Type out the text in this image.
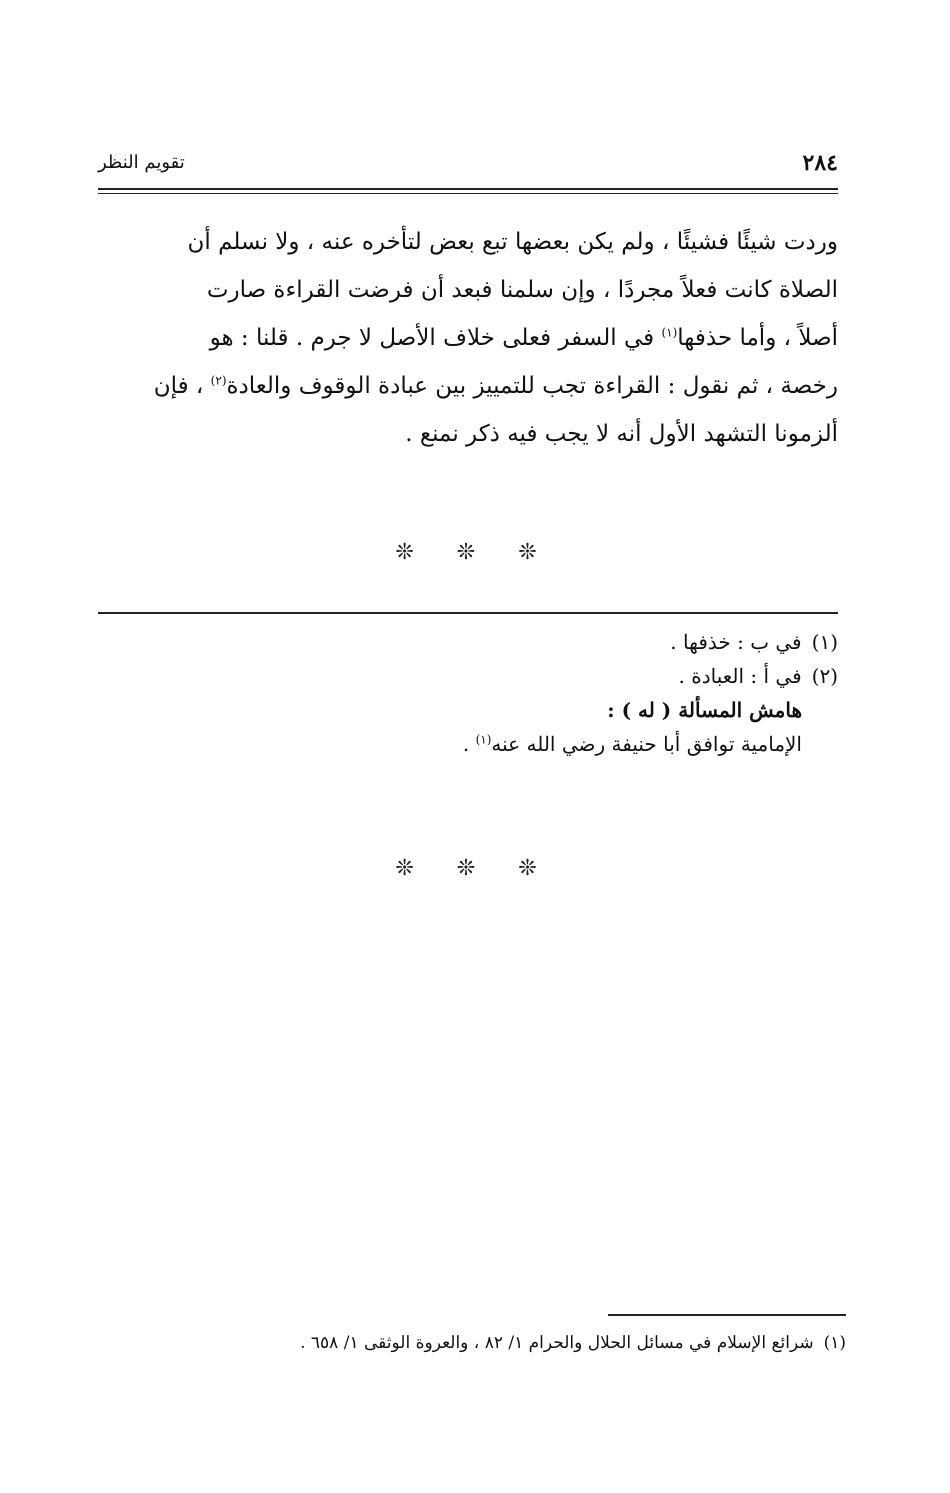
٢٨٤
تقويم النظر

وردت شيئًا فشيئًا ، ولم يكن بعضها تبع بعض لتأخره عنه ، ولا نسلم أن

الصلاة كانت فعلاً مجردًا ، وإن سلمنا فبعد أن فرضت القراءة صارت

أصلاً ، وأما حذفها$^{(١)}$ في السفر فعلى خلاف الأصل لا جرم . قلنا : هو

رخصة ، ثم نقول : القراءة تجب للتمييز بين عبادة الوقوف والعادة$^{(٢)}$ ، فإن

ألزمونا التشهد الأول أنه لا يجب فيه ذكر نمنع .

❊ ❊ ❊
(١)في ب : خذفها .
(٢)في أ : العبادة .
هامش المسألة ( له ) :
الإمامية توافق أبا حنيفة رضي الله عنه$^{(١)}$ .
❊ ❊ ❊
(١)شرائع الإسلام في مسائل الحلال والحرام ١/ ٨٢ ، والعروة الوثقى ١/ ٦٥٨ .
